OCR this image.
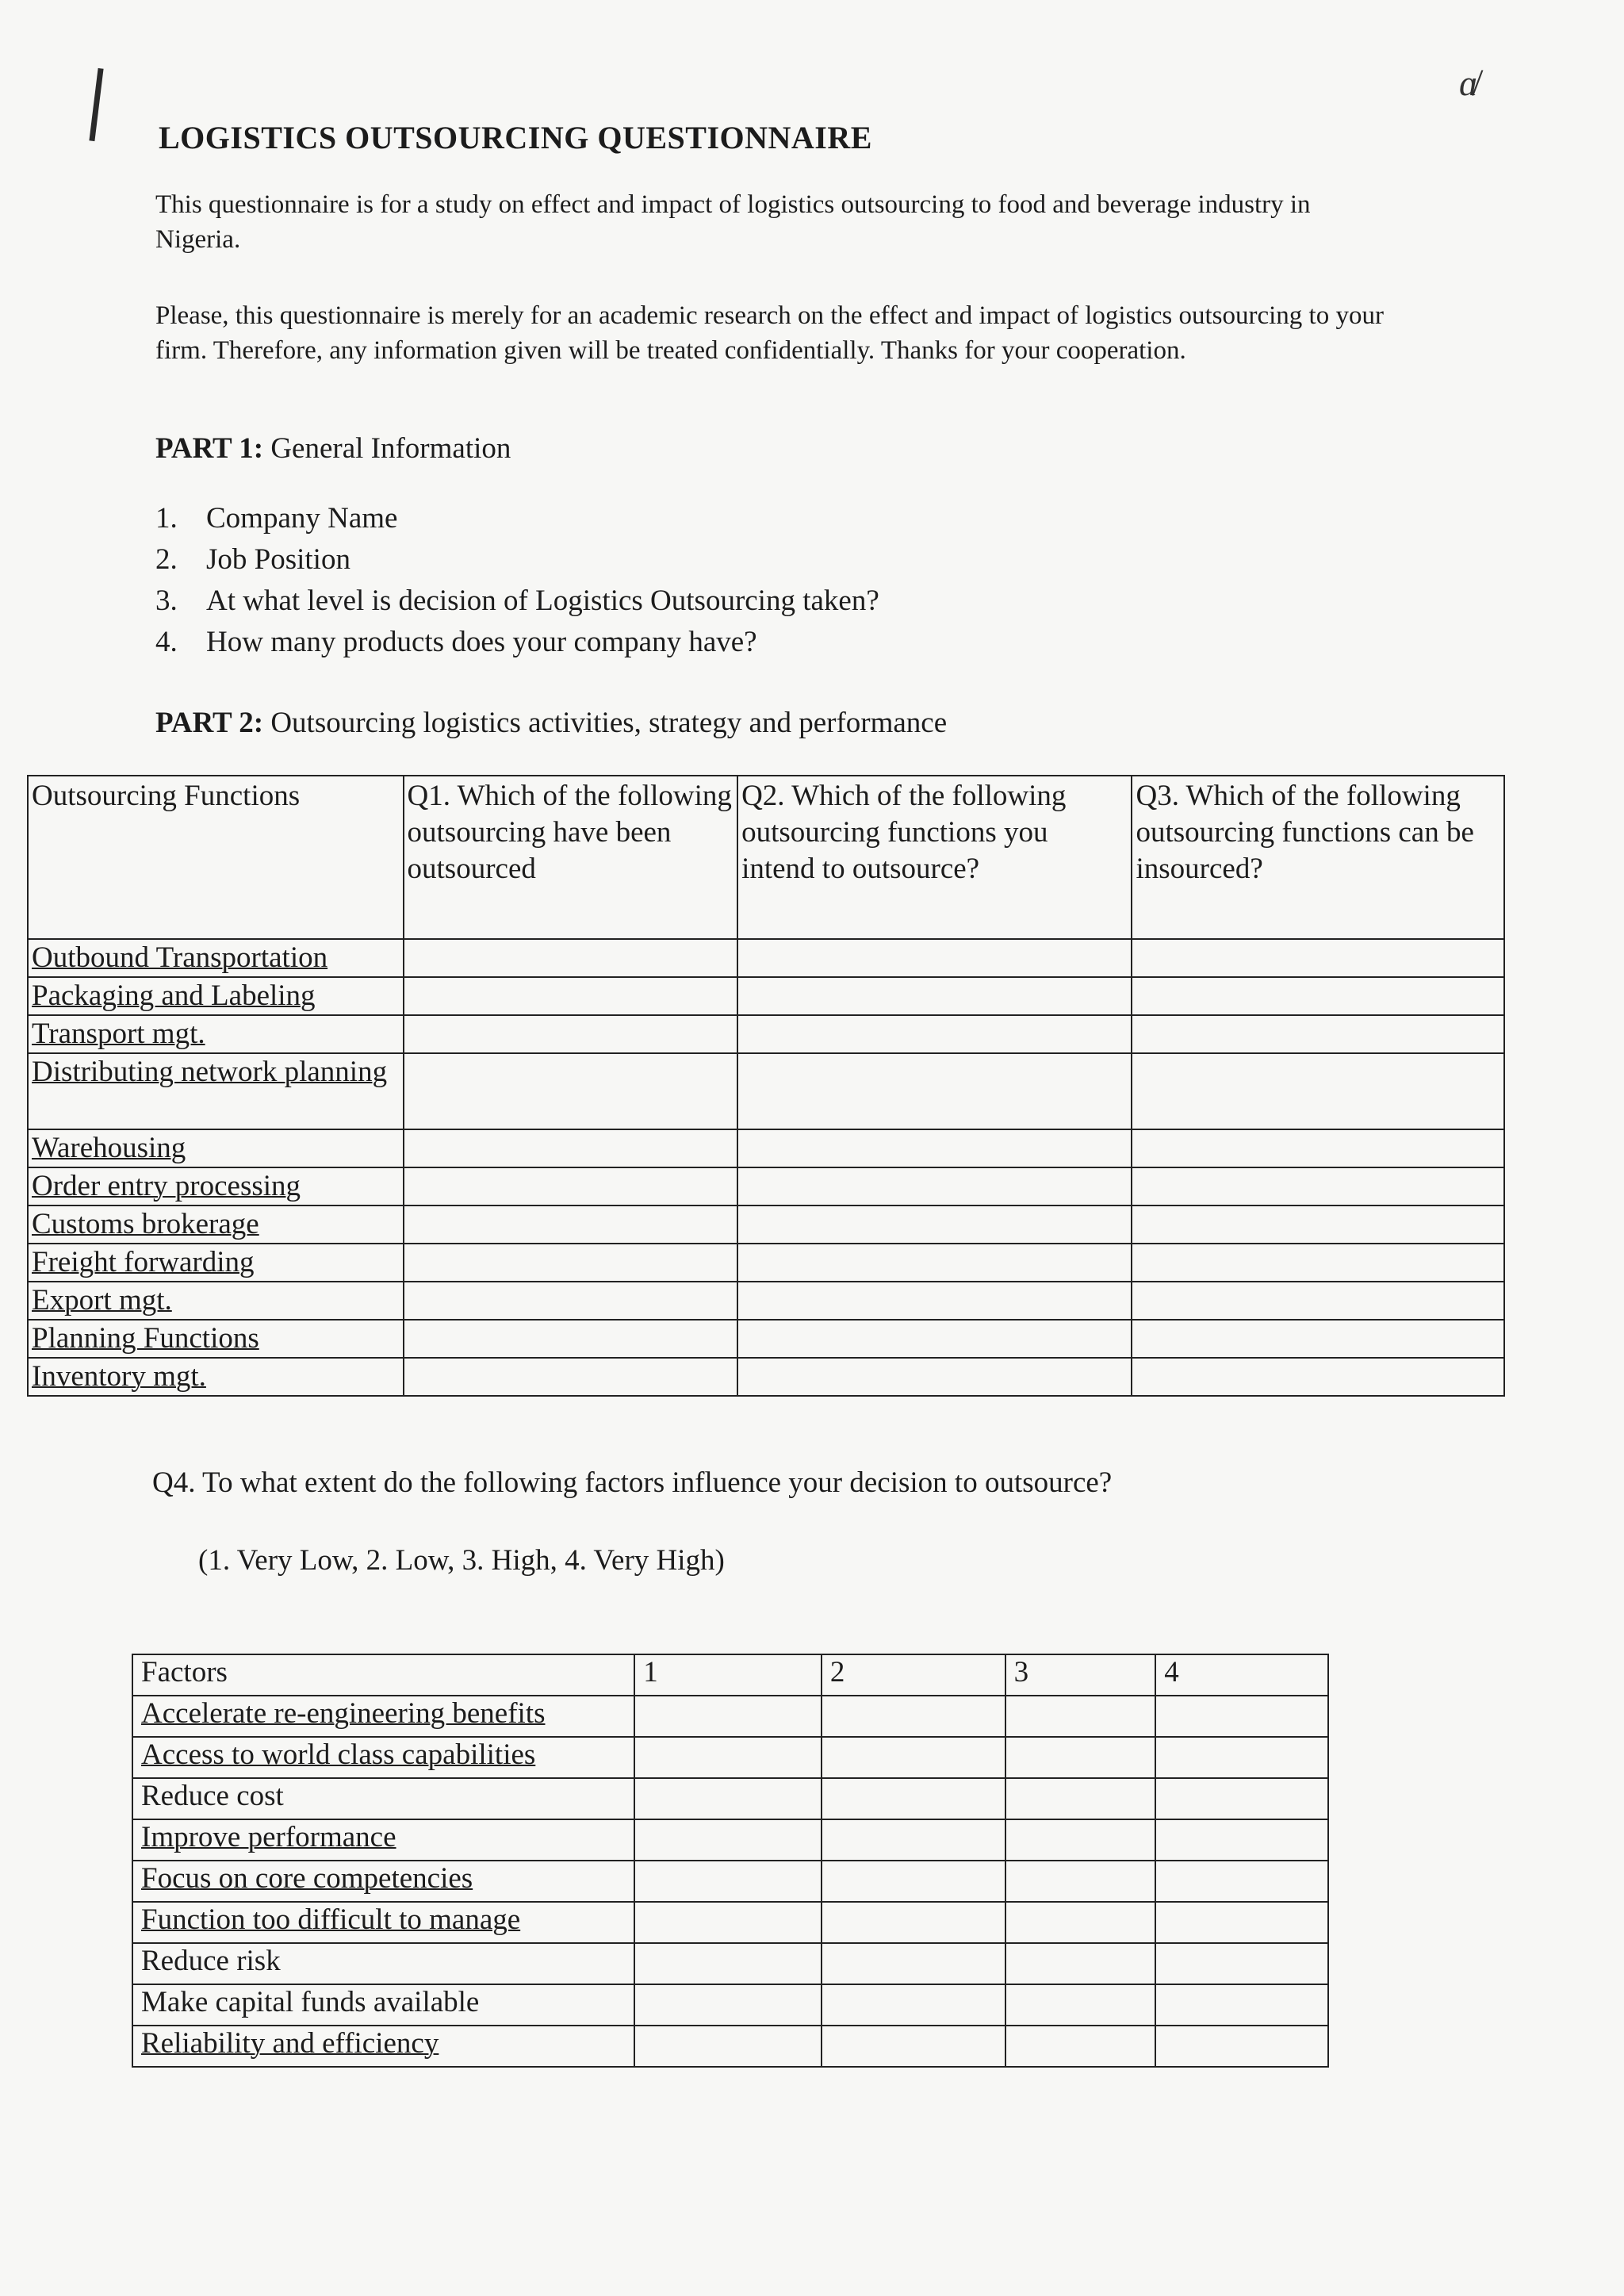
ɑ̸
LOGISTICS OUTSOURCING QUESTIONNAIRE
This questionnaire is for a study on effect and impact of logistics outsourcing to food and beverage industry in Nigeria.
Please, this questionnaire is merely for an academic research on the effect and impact of logistics outsourcing to your firm. Therefore, any information given will be treated confidentially. Thanks for your cooperation.
PART 1: General Information
1. Company Name
2. Job Position
3. At what level is decision of Logistics Outsourcing taken?
4. How many products does your company have?
PART 2: Outsourcing logistics activities, strategy and performance
Outsourcing Functions	Q1. Which of the following outsourcing have been outsourced	Q2. Which of the following outsourcing functions you intend to outsource?	Q3. Which of the following outsourcing functions can be insourced?
Outbound Transportation			
Packaging and Labeling			
Transport mgt.			
Distributing network planning			
Warehousing			
Order entry processing			
Customs brokerage			
Freight forwarding			
Export mgt.			
Planning Functions			
Inventory mgt.			
Q4. To what extent do the following factors influence your decision to outsource?
(1. Very Low, 2. Low, 3. High, 4. Very High)
Factors	1	2	3	4
Accelerate re-engineering benefits				
Access to world class capabilities				
Reduce cost				
Improve performance				
Focus on core competencies				
Function too difficult to manage				
Reduce risk				
Make capital funds available				
Reliability and efficiency				
